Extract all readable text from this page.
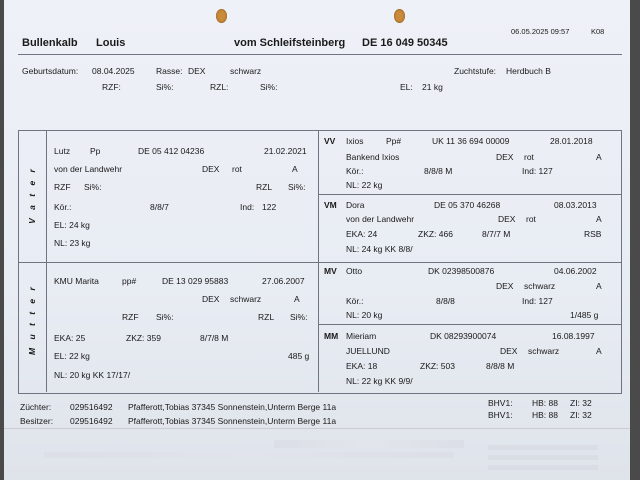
06.05.2025 09:57	K08
Bullenkalb Louis	vom Schleifsteinberg DE 16 049 50345
Geburtsdatum: 08.04.2025	Rasse: DEX	schwarz	Zuchtstufe: Herdbuch B
RZF:	Si%:	RZL:	Si%:	EL: 21 kg
V a t e r
M u t t e r
Lutz Pp	DE 05 412 04236	21.02.2021
von der Landwehr	DEX rot	A
RZF Si%:	RZL Si%:
Kör.:	8/8/7	Ind: 122
EL: 24 kg
NL: 23 kg
VV Ixios	Pp#	UK 11 36 694 00009	28.01.2018
Bankend Ixios	DEX rot	A
Kör.:	8/8/8 M	Ind: 127
NL: 22 kg
VM Dora	DE 05 370 46268	08.03.2013
von der Landwehr	DEX rot	A
EKA: 24	ZKZ: 466	8/7/7 M	RSB
NL: 24 kg KK 8/8/
KMU Marita	pp#	DE 13 029 95883	27.06.2007
DEX schwarz	A
RZF Si%:	RZL Si%:
EKA: 25	ZKZ: 359	8/7/8 M
EL: 22 kg	485 g
NL: 20 kg KK 17/17/
MV Otto	DK 02398500876	04.06.2002
DEX schwarz	A
Kör.:	8/8/8	Ind: 127
NL: 20 kg	1/485 g
MM Mieriam	DK 08293900074	16.08.1997
JUELLUND	DEX schwarz	A
EKA: 18	ZKZ: 503	8/8/8 M
NL: 22 kg KK 9/9/
Züchter: 029516492 Pfafferott,Tobias 37345 Sonnenstein,Unterm Berge 11a
Besitzer: 029516492 Pfafferott,Tobias 37345 Sonnenstein,Unterm Berge 11a
BHV1: HB: 88 ZI: 32
BHV1: HB: 88 ZI: 32
